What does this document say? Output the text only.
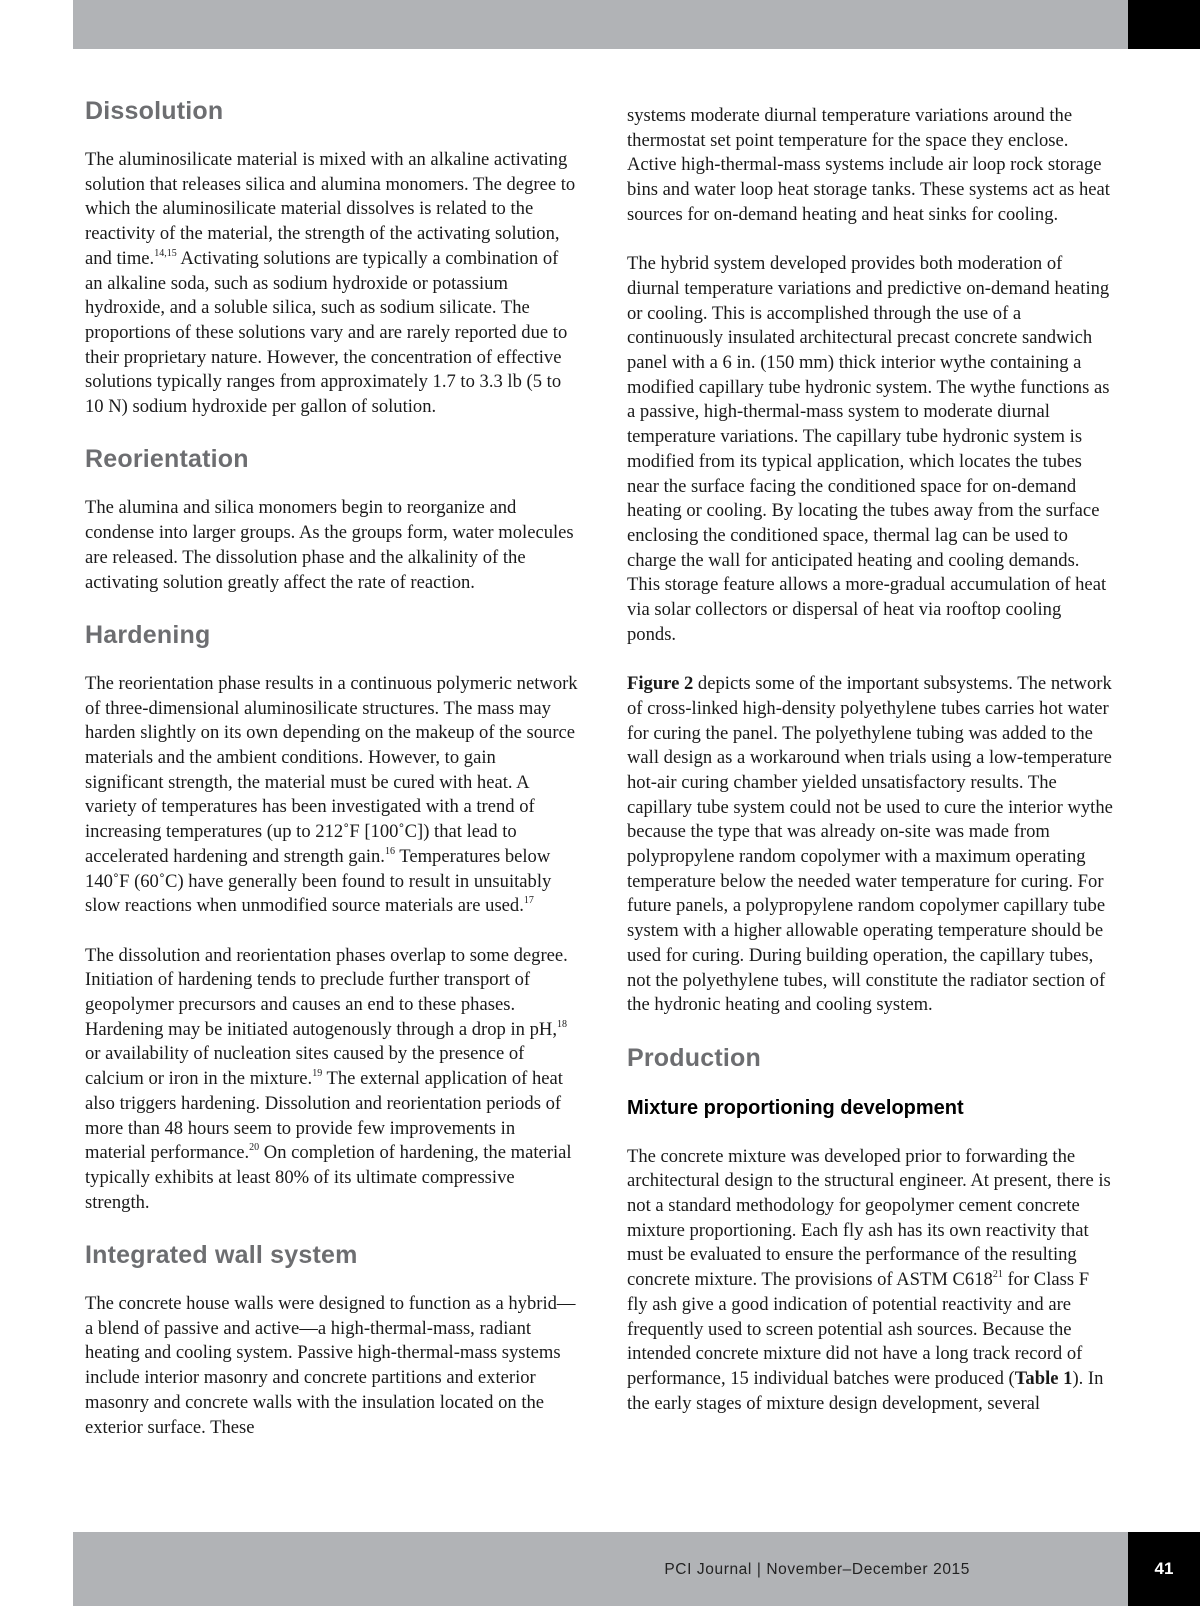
Dissolution

The aluminosilicate material is mixed with an alkaline activating solution that releases silica and alumina monomers. The degree to which the aluminosilicate material dissolves is related to the reactivity of the material, the strength of the activating solution, and time.$^{14,15}$ Activating solutions are typically a combination of an alkaline soda, such as sodium hydroxide or potassium hydroxide, and a soluble silica, such as sodium silicate. The proportions of these solutions vary and are rarely reported due to their proprietary nature. However, the concentration of effective solutions typically ranges from approximately 1.7 to 3.3 lb (5 to 10 N) sodium hydroxide per gallon of solution.

Reorientation

The alumina and silica monomers begin to reorganize and condense into larger groups. As the groups form, water molecules are released. The dissolution phase and the alkalinity of the activating solution greatly affect the rate of reaction.

Hardening

The reorientation phase results in a continuous polymeric network of three-dimensional aluminosilicate structures. The mass may harden slightly on its own depending on the makeup of the source materials and the ambient conditions. However, to gain significant strength, the material must be cured with heat. A variety of temperatures has been investigated with a trend of increasing temperatures (up to 212˚F [100˚C]) that lead to accelerated hardening and strength gain.$^{16}$ Temperatures below 140˚F (60˚C) have generally been found to result in unsuitably slow reactions when unmodified source materials are used.$^{17}$

The dissolution and reorientation phases overlap to some degree. Initiation of hardening tends to preclude further transport of geopolymer precursors and causes an end to these phases. Hardening may be initiated autogenously through a drop in pH,$^{18}$ or availability of nucleation sites caused by the presence of calcium or iron in the mixture.$^{19}$ The external application of heat also triggers hardening. Dissolution and reorientation periods of more than 48 hours seem to provide few improvements in material performance.$^{20}$ On completion of hardening, the material typically exhibits at least 80% of its ultimate compressive strength.

Integrated wall system

The concrete house walls were designed to function as a hybrid—a blend of passive and active—a high-thermal-mass, radiant heating and cooling system. Passive high-thermal-mass systems include interior masonry and concrete partitions and exterior masonry and concrete walls with the insulation located on the exterior surface. These

systems moderate diurnal temperature variations around the thermostat set point temperature for the space they enclose. Active high-thermal-mass systems include air loop rock storage bins and water loop heat storage tanks. These systems act as heat sources for on-demand heating and heat sinks for cooling.

The hybrid system developed provides both moderation of diurnal temperature variations and predictive on-demand heating or cooling. This is accomplished through the use of a continuously insulated architectural precast concrete sandwich panel with a 6 in. (150 mm) thick interior wythe containing a modified capillary tube hydronic system. The wythe functions as a passive, high-thermal-mass system to moderate diurnal temperature variations. The capillary tube hydronic system is modified from its typical application, which locates the tubes near the surface facing the conditioned space for on-demand heating or cooling. By locating the tubes away from the surface enclosing the conditioned space, thermal lag can be used to charge the wall for anticipated heating and cooling demands. This storage feature allows a more-gradual accumulation of heat via solar collectors or dispersal of heat via rooftop cooling ponds.

Figure 2 depicts some of the important subsystems. The network of cross-linked high-density polyethylene tubes carries hot water for curing the panel. The polyethylene tubing was added to the wall design as a workaround when trials using a low-temperature hot-air curing chamber yielded unsatisfactory results. The capillary tube system could not be used to cure the interior wythe because the type that was already on-site was made from polypropylene random copolymer with a maximum operating temperature below the needed water temperature for curing. For future panels, a polypropylene random copolymer capillary tube system with a higher allowable operating temperature should be used for curing. During building operation, the capillary tubes, not the polyethylene tubes, will constitute the radiator section of the hydronic heating and cooling system.

Production
Mixture proportioning development

The concrete mixture was developed prior to forwarding the architectural design to the structural engineer. At present, there is not a standard methodology for geopolymer cement concrete mixture proportioning. Each fly ash has its own reactivity that must be evaluated to ensure the performance of the resulting concrete mixture. The provisions of ASTM $C618^{21}$ for Class F fly ash give a good indication of potential reactivity and are frequently used to screen potential ash sources. Because the intended concrete mixture did not have a long track record of performance, 15 individual batches were produced (Table 1). In the early stages of mixture design development, several

PCI Journal | November–December 2015	41
